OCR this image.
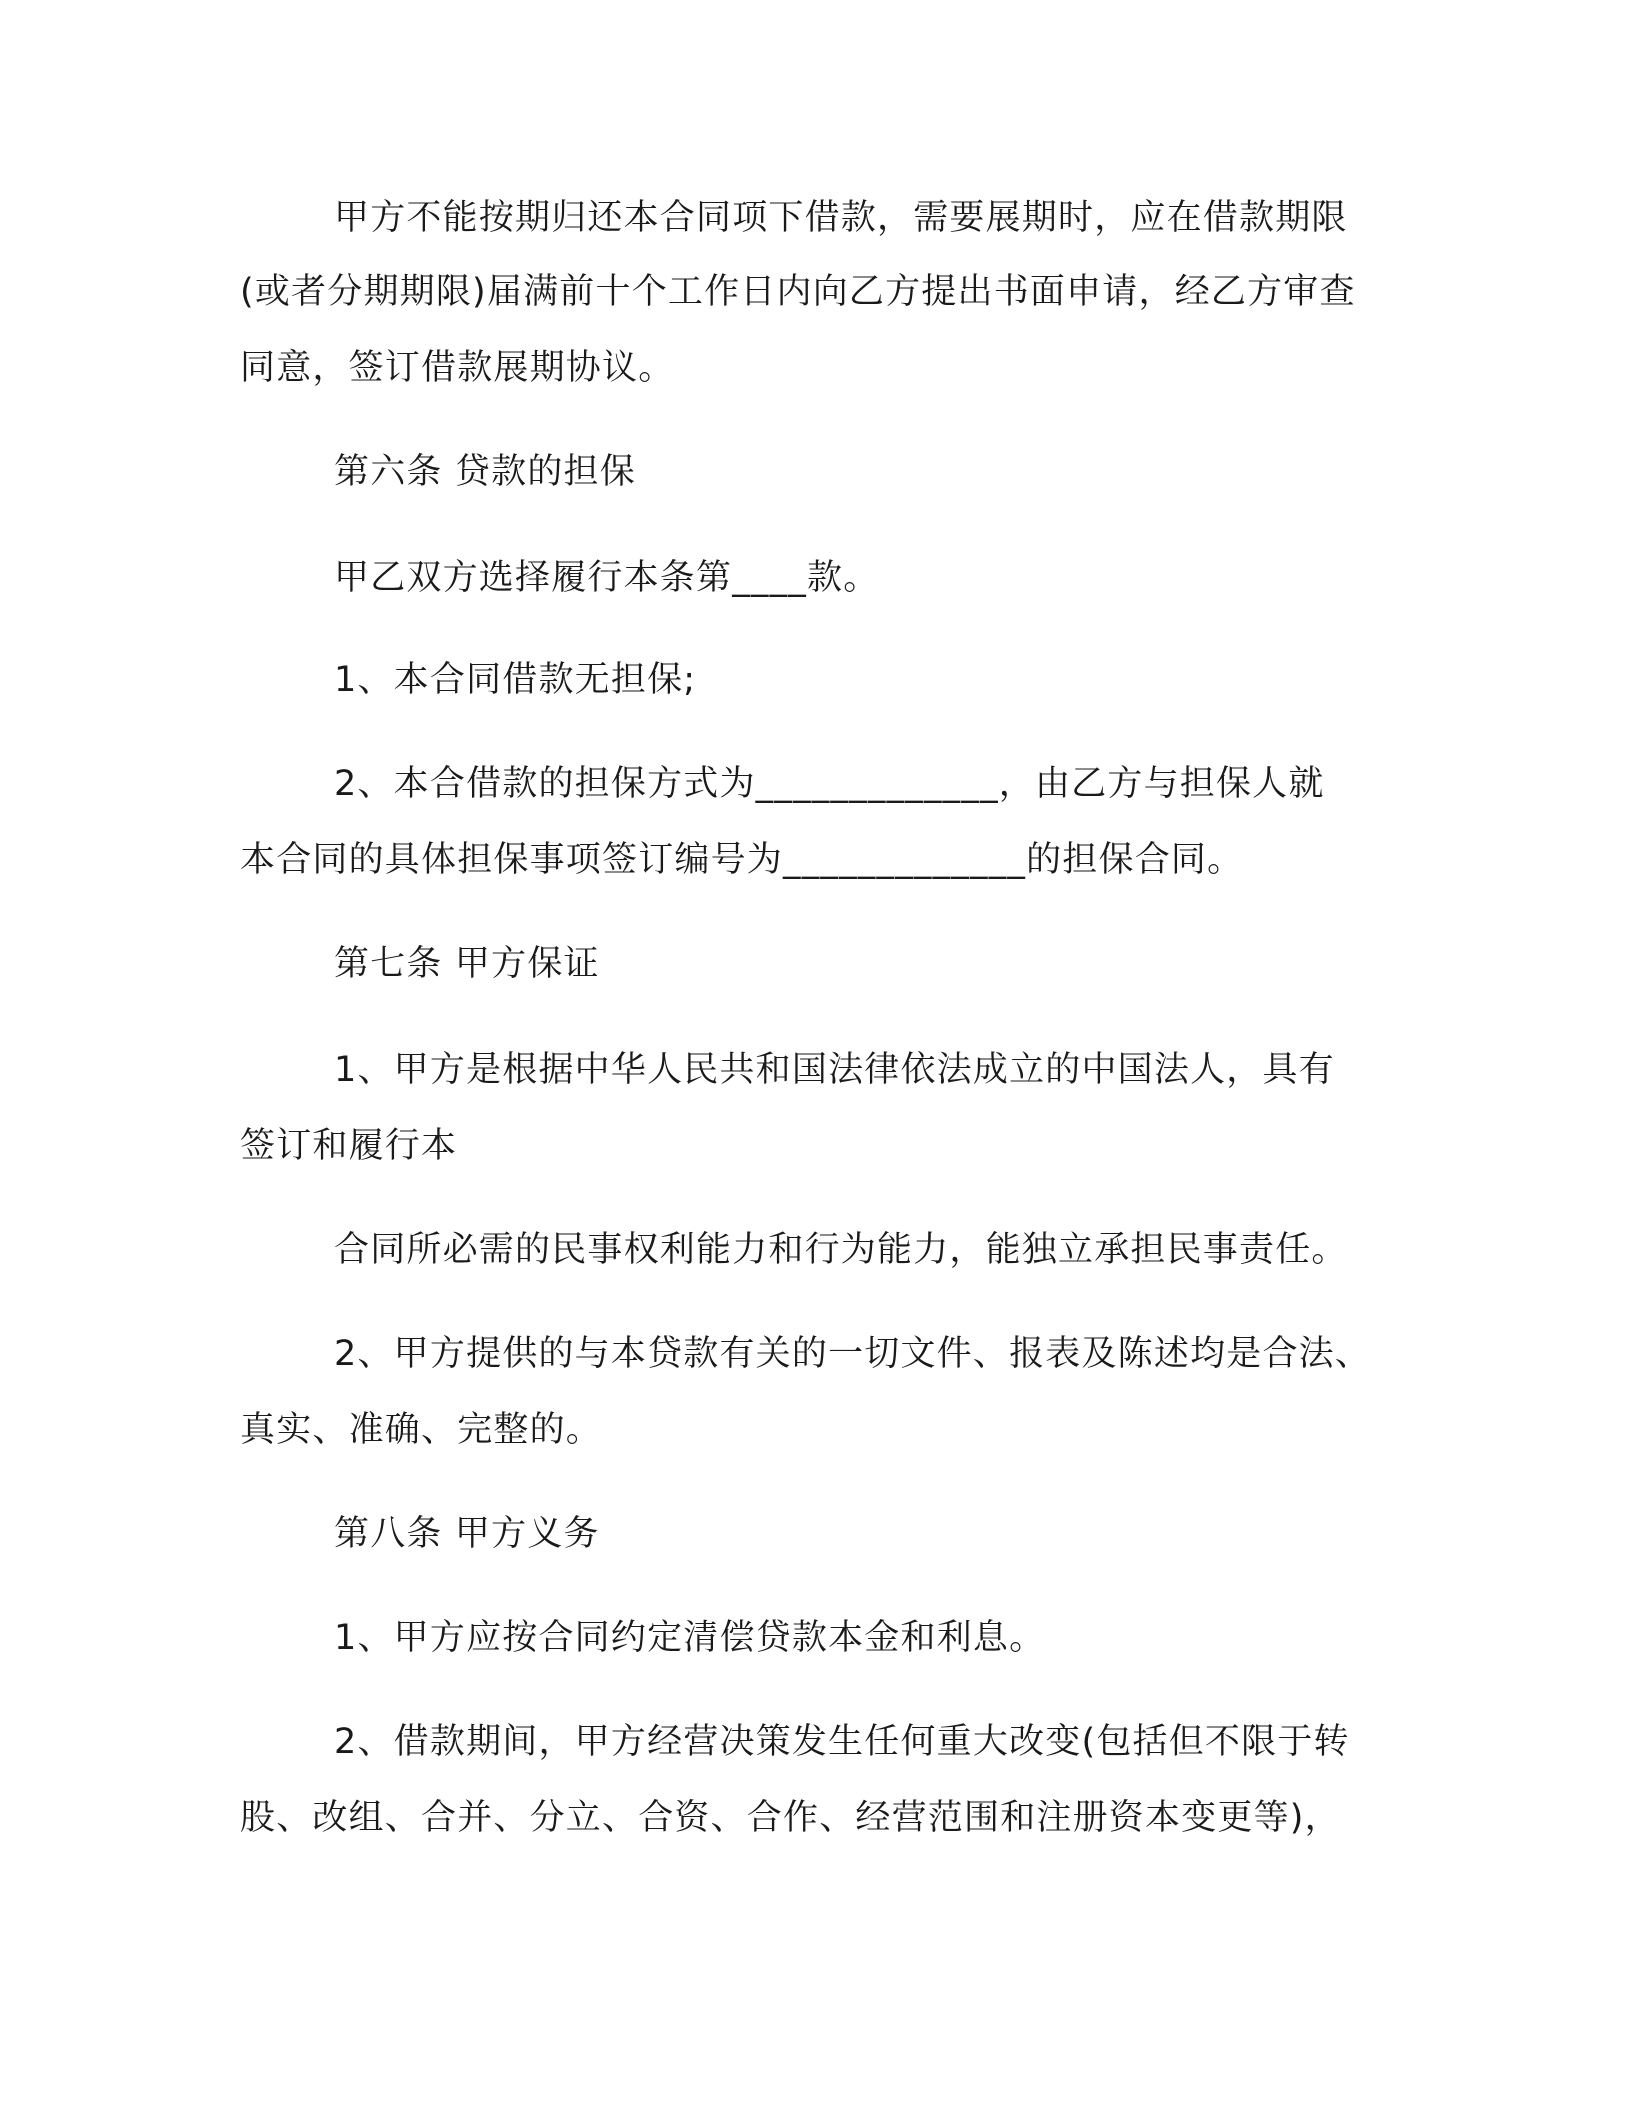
甲方不能按期归还本合同项下借款，需要展期时，应在借款期限
(或者分期期限)届满前十个工作日内向乙方提出书面申请，经乙方审查
同意，签订借款展期协议。
第六条 贷款的担保
甲乙双方选择履行本条第____款。
1、本合同借款无担保;
2、本合借款的担保方式为_____________，由乙方与担保人就
本合同的具体担保事项签订编号为_____________的担保合同。
第七条 甲方保证
1、甲方是根据中华人民共和国法律依法成立的中国法人，具有
签订和履行本
合同所必需的民事权利能力和行为能力，能独立承担民事责任。
2、甲方提供的与本贷款有关的一切文件、报表及陈述均是合法、
真实、准确、完整的。
第八条 甲方义务
1、甲方应按合同约定清偿贷款本金和利息。
2、借款期间，甲方经营决策发生任何重大改变(包括但不限于转
股、改组、合并、分立、合资、合作、经营范围和注册资本变更等)，
